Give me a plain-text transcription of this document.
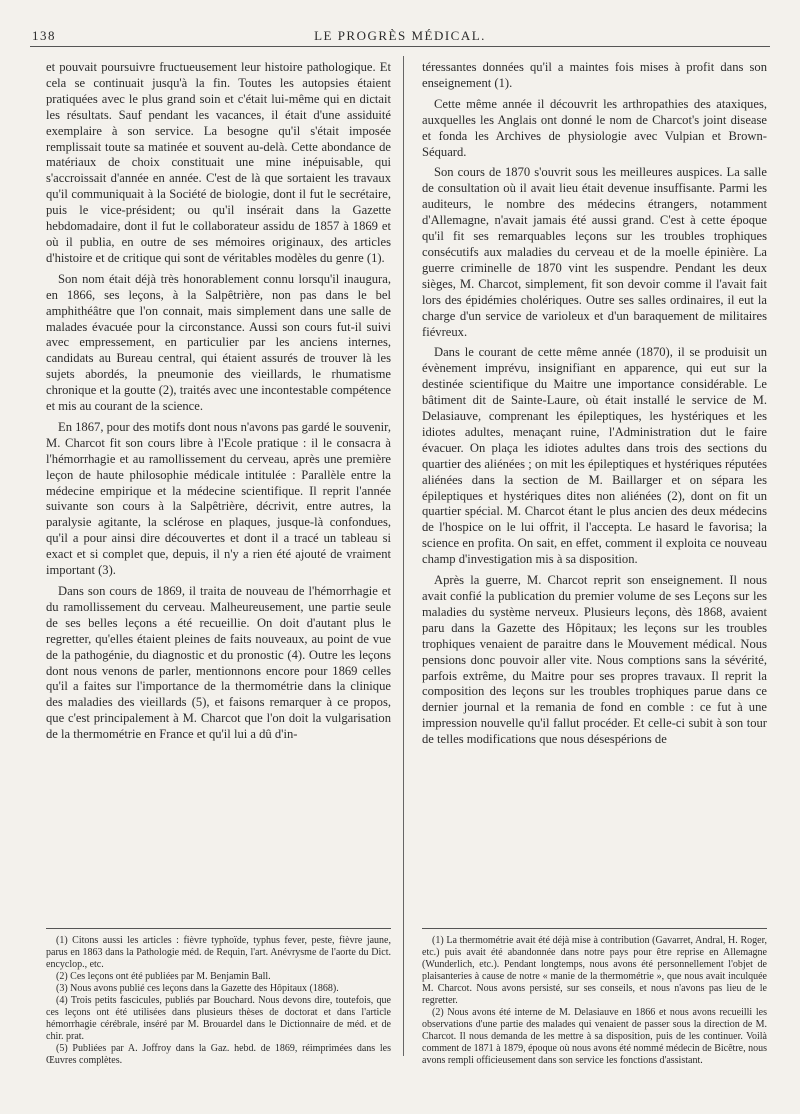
138	LE PROGRÈS MÉDICAL.

et pouvait poursuivre fructueusement leur histoire pathologique. Et cela se continuait jusqu'à la fin. Toutes les autopsies étaient pratiquées avec le plus grand soin et c'était lui-même qui en dictait les résultats. Sauf pendant les vacances, il était d'une assiduité exemplaire à son service. La besogne qu'il s'était imposée remplissait toute sa matinée et souvent au-delà. Cette abondance de matériaux de choix constituait une mine inépuisable, qui s'accroissait d'année en année. C'est de là que sortaient les travaux qu'il communiquait à la Société de biologie, dont il fut le secrétaire, puis le vice-président; ou qu'il insérait dans la Gazette hebdomadaire, dont il fut le collaborateur assidu de 1857 à 1869 et où il publia, en outre de ses mémoires originaux, des articles d'histoire et de critique qui sont de véritables modèles du genre (1).

Son nom était déjà très honorablement connu lorsqu'il inaugura, en 1866, ses leçons, à la Salpêtrière, non pas dans le bel amphithéâtre que l'on connait, mais simplement dans une salle de malades évacuée pour la circonstance. Aussi son cours fut-il suivi avec empressement, en particulier par les anciens internes, candidats au Bureau central, qui étaient assurés de trouver là les sujets abordés, la pneumonie des vieillards, le rhumatisme chronique et la goutte (2), traités avec une incontestable compétence et mis au courant de la science.

En 1867, pour des motifs dont nous n'avons pas gardé le souvenir, M. Charcot fit son cours libre à l'Ecole pratique : il le consacra à l'hémorrhagie et au ramollissement du cerveau, après une première leçon de haute philosophie médicale intitulée : Parallèle entre la médecine empirique et la médecine scientifique. Il reprit l'année suivante son cours à la Salpêtrière, décrivit, entre autres, la paralysie agitante, la sclérose en plaques, jusque-là confondues, qu'il a pour ainsi dire découvertes et dont il a tracé un tableau si exact et si complet que, depuis, il n'y a rien été ajouté de vraiment important (3).

Dans son cours de 1869, il traita de nouveau de l'hémorrhagie et du ramollissement du cerveau. Malheureusement, une partie seule de ses belles leçons a été recueillie. On doit d'autant plus le regretter, qu'elles étaient pleines de faits nouveaux, au point de vue de la pathogénie, du diagnostic et du pronostic (4). Outre les leçons dont nous venons de parler, mentionnons encore pour 1869 celles qu'il a faites sur l'importance de la thermométrie dans la clinique des maladies des vieillards (5), et faisons remarquer à ce propos, que c'est principalement à M. Charcot que l'on doit la vulgarisation de la thermométrie en France et qu'il lui a dû d'in-

téressantes données qu'il a maintes fois mises à profit dans son enseignement (1).

Cette même année il découvrit les arthropathies des ataxiques, auxquelles les Anglais ont donné le nom de Charcot's joint disease et fonda les Archives de physiologie avec Vulpian et Brown-Séquard.

Son cours de 1870 s'ouvrit sous les meilleures auspices. La salle de consultation où il avait lieu était devenue insuffisante. Parmi les auditeurs, le nombre des médecins étrangers, notamment d'Allemagne, n'avait jamais été aussi grand. C'est à cette époque qu'il fit ses remarquables leçons sur les troubles trophiques consécutifs aux maladies du cerveau et de la moelle épinière. La guerre criminelle de 1870 vint les suspendre. Pendant les deux sièges, M. Charcot, simplement, fit son devoir comme il l'avait fait lors des épidémies cholériques. Outre ses salles ordinaires, il eut la charge d'un service de varioleux et d'un baraquement de militaires fiévreux.

Dans le courant de cette même année (1870), il se produisit un évènement imprévu, insignifiant en apparence, qui eut sur la destinée scientifique du Maitre une importance considérable. Le bâtiment dit de Sainte-Laure, où était installé le service de M. Delasiauve, comprenant les épileptiques, les hystériques et les idiotes adultes, menaçant ruine, l'Administration dut le faire évacuer. On plaça les idiotes adultes dans trois des sections du quartier des aliénées ; on mit les épileptiques et hystériques réputées aliénées dans la section de M. Baillarger et on sépara les épileptiques et hystériques dites non aliénées (2), dont on fit un quartier spécial. M. Charcot étant le plus ancien des deux médecins de l'hospice on le lui offrit, il l'accepta. Le hasard le favorisa; la science en profita. On sait, en effet, comment il exploita ce nouveau champ d'investigation mis à sa disposition.

Après la guerre, M. Charcot reprit son enseignement. Il nous avait confié la publication du premier volume de ses Leçons sur les maladies du système nerveux. Plusieurs leçons, dès 1868, avaient paru dans la Gazette des Hôpitaux; les leçons sur les troubles trophiques venaient de paraitre dans le Mouvement médical. Nous pensions donc pouvoir aller vite. Nous comptions sans la sévérité, parfois extrême, du Maitre pour ses propres travaux. Il reprit la composition des leçons sur les troubles trophiques parue dans ce dernier journal et la remania de fond en comble : ce fut à une impression nouvelle qu'il fallut procéder. Et celle-ci subit à son tour de telles modifications que nous désespérions de

(1) Citons aussi les articles : fièvre typhoïde, typhus fever, peste, fièvre jaune, parus en 1863 dans la Pathologie méd. de Requin, l'art. Anévrysme de l'aorte du Dict. encyclop., etc.

(2) Ces leçons ont été publiées par M. Benjamin Ball.

(3) Nous avons publié ces leçons dans la Gazette des Hôpitaux (1868).

(4) Trois petits fascicules, publiés par Bouchard. Nous devons dire, toutefois, que ces leçons ont été utilisées dans plusieurs thèses de doctorat et dans l'article hémorrhagie cérébrale, inséré par M. Brouardel dans le Dictionnaire de méd. et de chir. prat.

(5) Publiées par A. Joffroy dans la Gaz. hebd. de 1869, réimprimées dans les Œuvres complètes.

(1) La thermométrie avait été déjà mise à contribution (Gavarret, Andral, H. Roger, etc.) puis avait été abandonnée dans notre pays pour être reprise en Allemagne (Wunderlich, etc.). Pendant longtemps, nous avons été personnellement l'objet de plaisanteries à cause de notre « manie de la thermométrie », que nous avait inculquée M. Charcot. Nous avons persisté, sur ses conseils, et nous n'avons pas lieu de le regretter.

(2) Nous avons été interne de M. Delasiauve en 1866 et nous avons recueilli les observations d'une partie des malades qui venaient de passer sous la direction de M. Charcot. Il nous demanda de les mettre à sa disposition, puis de les continuer. Voilà comment de 1871 à 1879, époque où nous avons été nommé médecin de Bicêtre, nous avons rempli officieusement dans son service les fonctions d'assistant.
